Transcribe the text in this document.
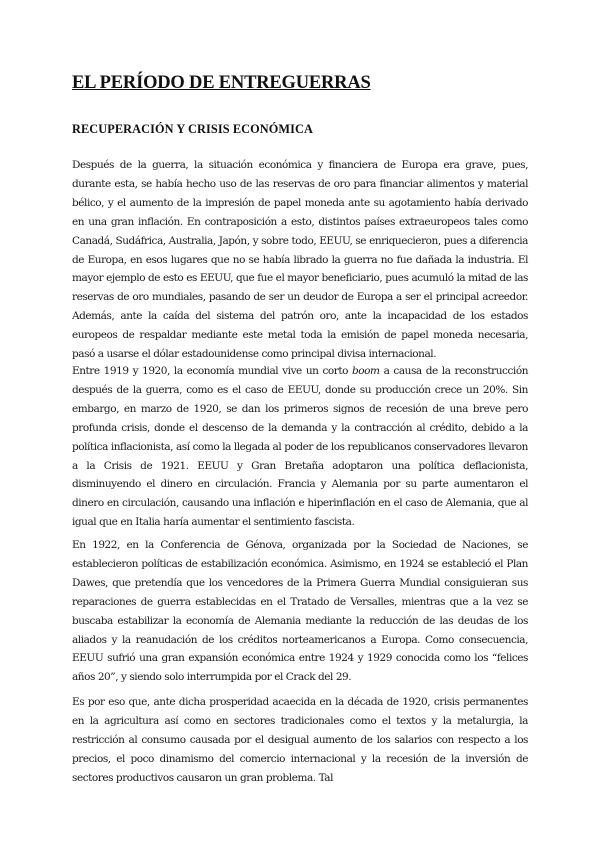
EL PERÍODO DE ENTREGUERRAS
RECUPERACIÓN Y CRISIS ECONÓMICA

Después de la guerra, la situación económica y financiera de Europa era grave, pues, durante esta, se había hecho uso de las reservas de oro para financiar alimentos y material bélico, y el aumento de la impresión de papel moneda ante su agotamiento había derivado en una gran inflación. En contraposición a esto, distintos países extraeuropeos tales como Canadá, Sudáfrica, Australia, Japón, y sobre todo, EEUU, se enriquecieron, pues a diferencia de Europa, en esos lugares que no se había librado la guerra no fue dañada la industria. El mayor ejemplo de esto es EEUU, que fue el mayor beneficiario, pues acumuló la mitad de las reservas de oro mundiales, pasando de ser un deudor de Europa a ser el principal acreedor. Además, ante la caída del sistema del patrón oro, ante la incapacidad de los estados europeos de respaldar mediante este metal toda la emisión de papel moneda necesaria, pasó a usarse el dólar estadounidense como principal divisa internacional.

Entre 1919 y 1920, la economía mundial vive un corto boom a causa de la reconstrucción después de la guerra, como es el caso de EEUU, donde su producción crece un 20%. Sin embargo, en marzo de 1920, se dan los primeros signos de recesión de una breve pero profunda crisis, donde el descenso de la demanda y la contracción al crédito, debido a la política inflacionista, así como la llegada al poder de los republicanos conservadores llevaron a la Crisis de 1921. EEUU y Gran Bretaña adoptaron una política deflacionista, disminuyendo el dinero en circulación. Francia y Alemania por su parte aumentaron el dinero en circulación, causando una inflación e hiperinflación en el caso de Alemania, que al igual que en Italia haría aumentar el sentimiento fascista.

En 1922, en la Conferencia de Génova, organizada por la Sociedad de Naciones, se establecieron políticas de estabilización económica. Asimismo, en 1924 se estableció el Plan Dawes, que pretendía que los vencedores de la Primera Guerra Mundial consiguieran sus reparaciones de guerra establecidas en el Tratado de Versalles, mientras que a la vez se buscaba estabilizar la economía de Alemania mediante la reducción de las deudas de los aliados y la reanudación de los créditos norteamericanos a Europa. Como consecuencia, EEUU sufrió una gran expansión económica entre 1924 y 1929 conocida como los “felices años 20”, y siendo solo interrumpida por el Crack del 29.

Es por eso que, ante dicha prosperidad acaecida en la década de 1920, crisis permanentes en la agricultura así como en sectores tradicionales como el textos y la metalurgia, la restricción al consumo causada por el desigual aumento de los salarios con respecto a los precios, el poco dinamismo del comercio internacional y la recesión de la inversión de sectores productivos causaron un gran problema. Tal
